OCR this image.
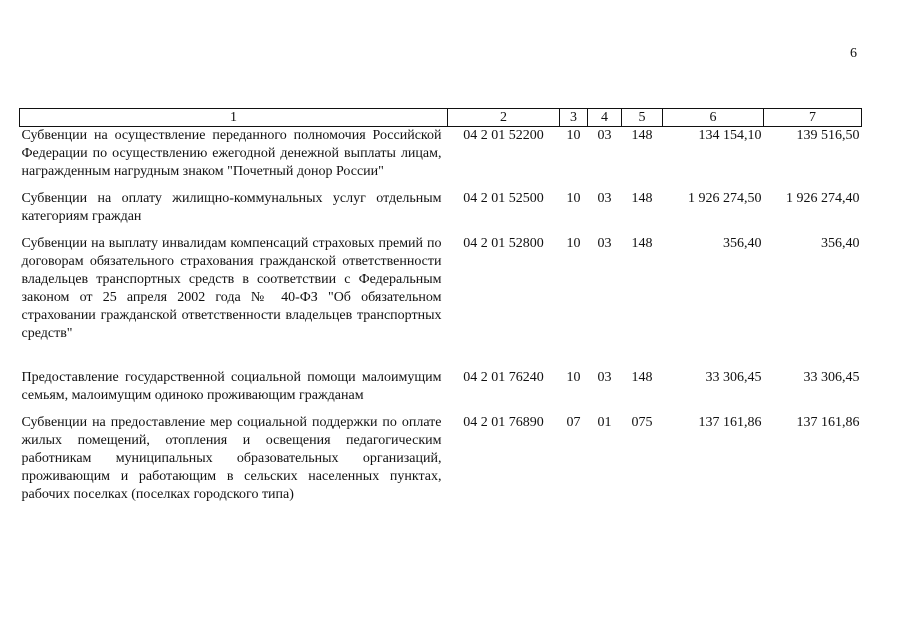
6
1	2	3	4	5	6	7
Субвенции на осуществление переданного полномочия Российской Федерации по осуществлению ежегодной денежной выплаты лицам, награжденным нагрудным знаком "Почетный донор России"	04 2 01 52200	10	03	148	134 154,10	139 516,50
Субвенции на оплату жилищно-коммунальных услуг отдельным категориям граждан	04 2 01 52500	10	03	148	1 926 274,50	1 926 274,40
Субвенции на выплату инвалидам компенсаций страховых премий по договорам обязательного страхования гражданской ответственности владельцев транспортных средств в соответствии с Федеральным законом от 25 апреля 2002 года № 40-ФЗ "Об обязательном страховании гражданской ответственности владельцев транспортных средств"	04 2 01 52800	10	03	148	356,40	356,40
Предоставление государственной социальной помощи малоимущим семьям, малоимущим одиноко проживающим гражданам	04 2 01 76240	10	03	148	33 306,45	33 306,45
Субвенции на предоставление мер социальной поддержки по оплате жилых помещений, отопления и освещения педагогическим работникам муниципальных образовательных организаций, проживающим и работающим в сельских населенных пунктах, рабочих поселках (поселках городского типа)	04 2 01 76890	07	01	075	137 161,86	137 161,86
